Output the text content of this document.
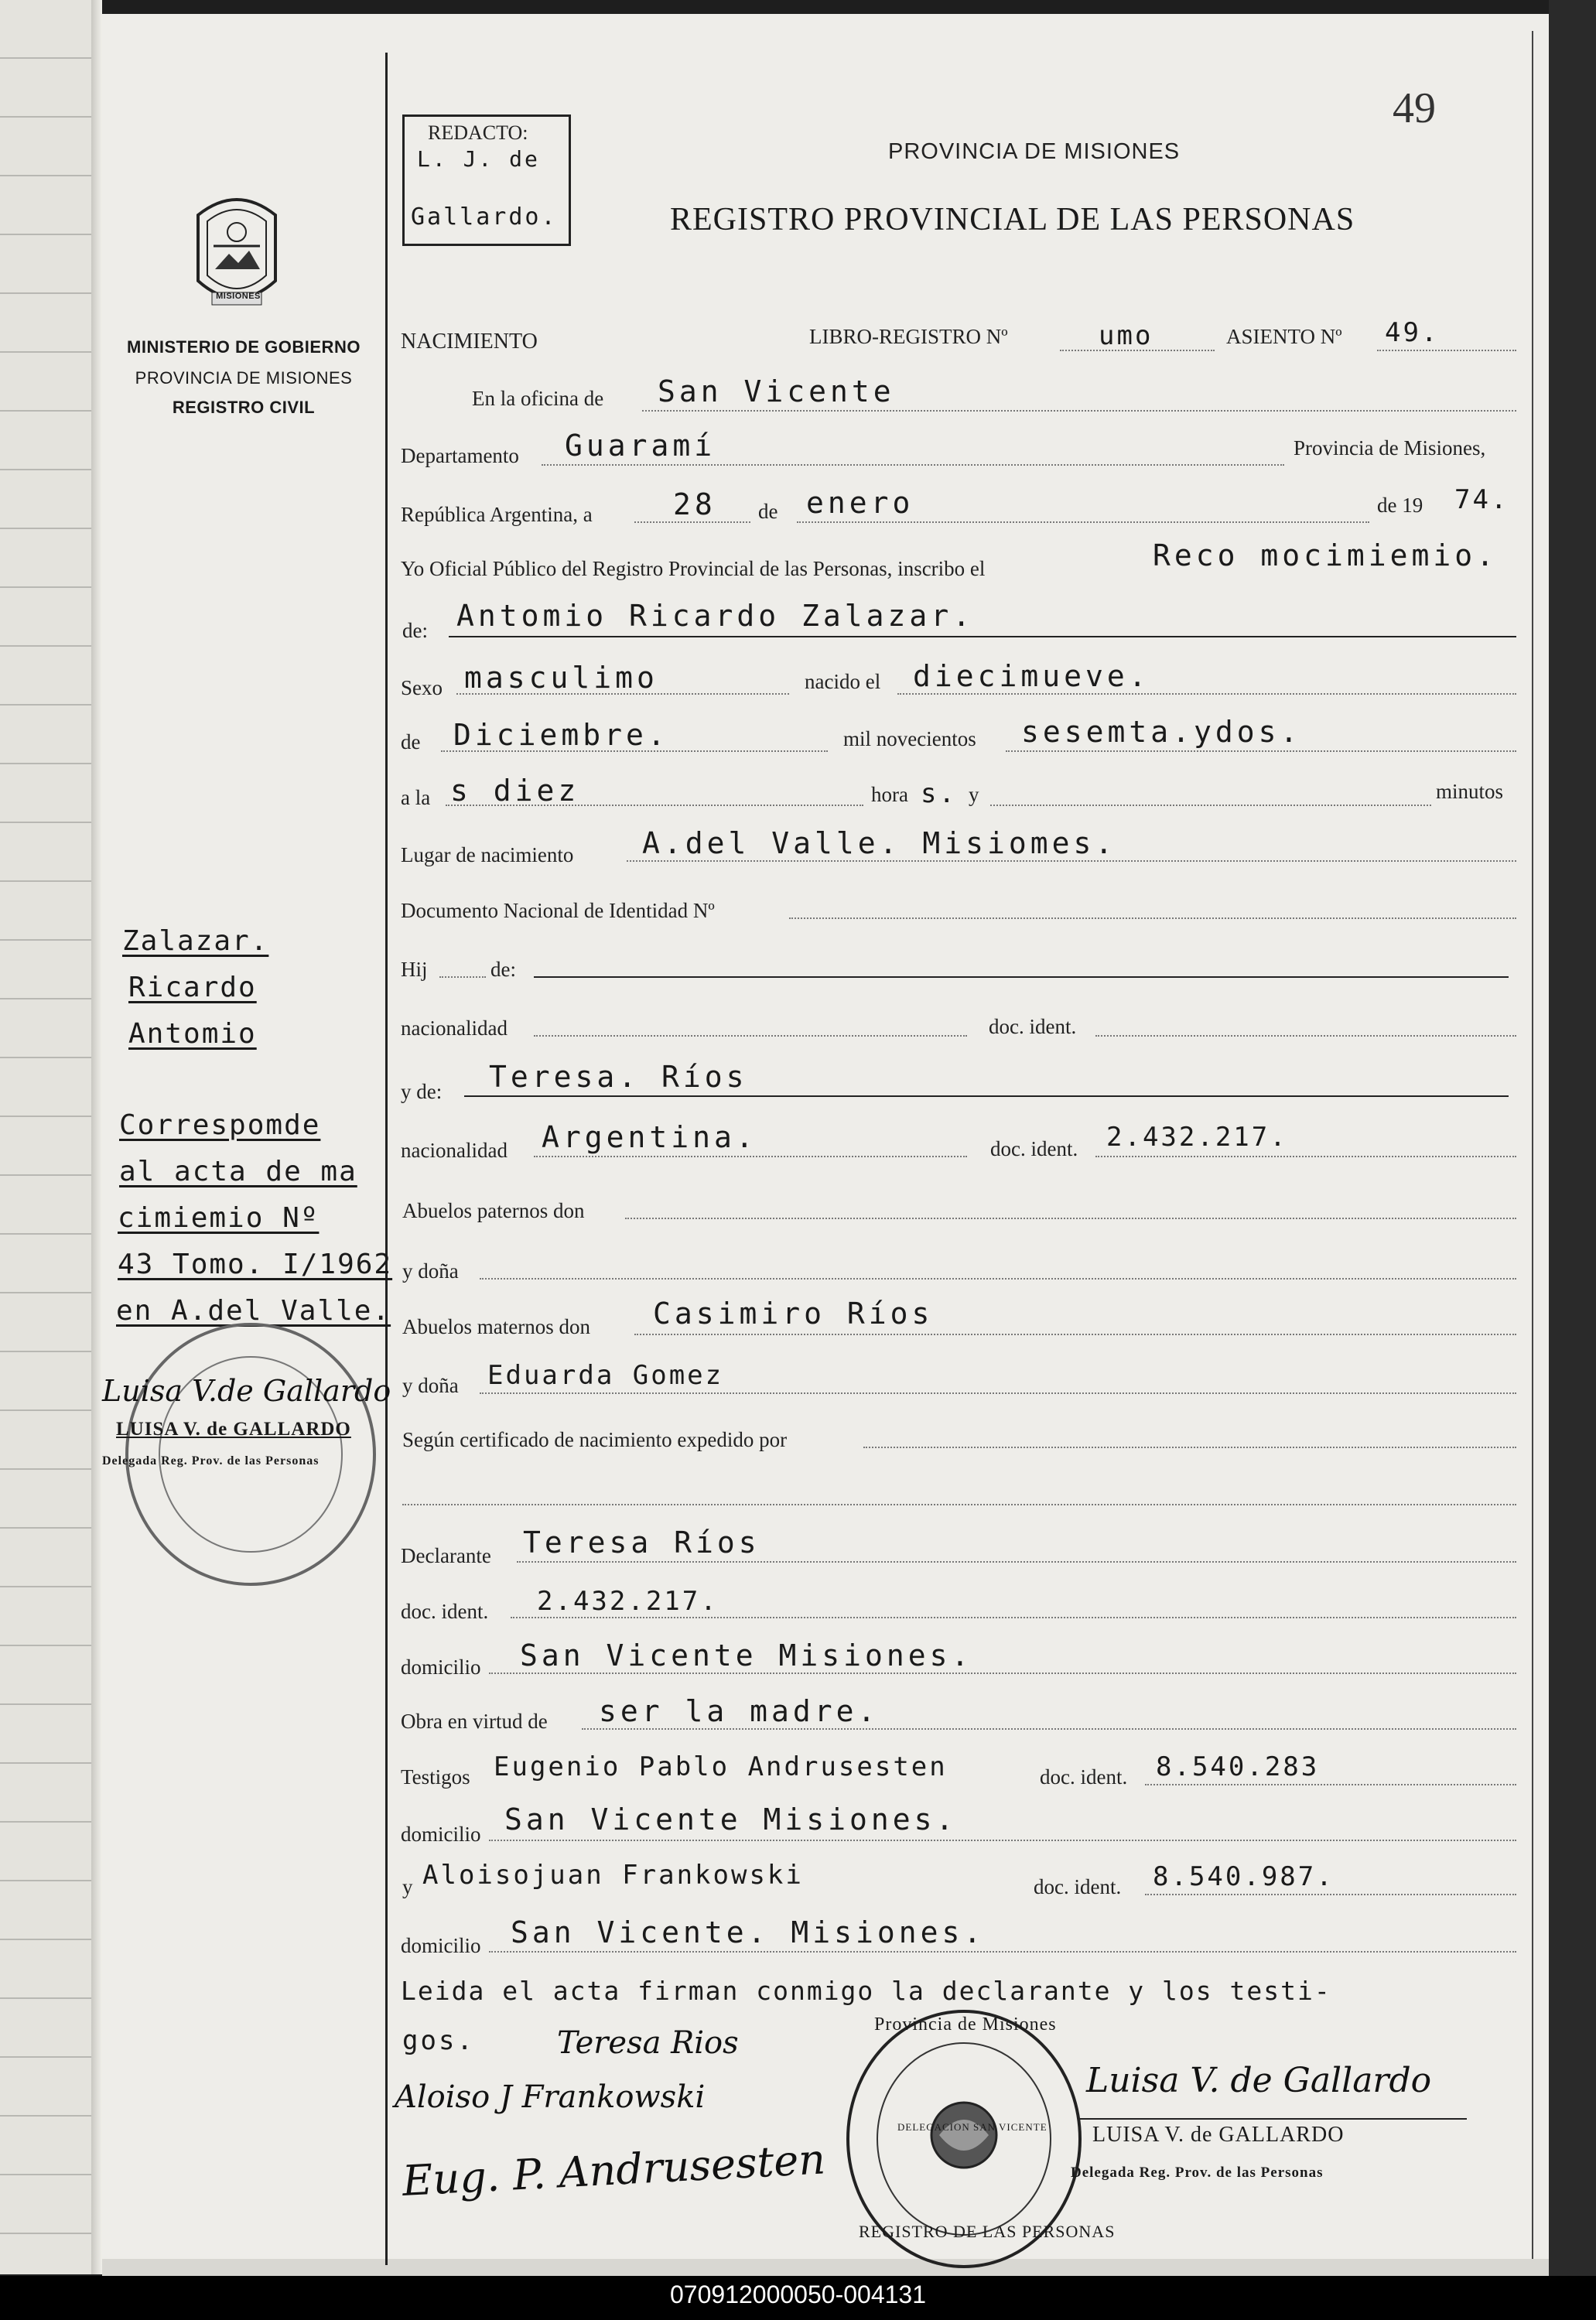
49
REDACTO:
L. J. de
Gallardo.
PROVINCIA DE MISIONES
REGISTRO PROVINCIAL DE LAS PERSONAS
MISIONES
MINISTERIO DE GOBIERNO
PROVINCIA DE MISIONES
REGISTRO CIVIL
Zalazar.
Ricardo
Antomio
Correspomde
al acta de ma
cimiemio Nº
43 Tomo. I/1962
en A.del Valle.
Luisa V.de Gallardo
LUISA V. de GALLARDO
Delegada Reg. Prov. de las Personas
NACIMIENTO	LIBRO-REGISTRO Nº	umo	ASIENTO Nº 49.
En la oficina de San Vicente
Departamento Guaramí	Provincia de Misiones,
República Argentina, a	28 de enero	de 19 74.
Yo Oficial Público del Registro Provincial de las Personas, inscribo el	Reco mocimiemio.
de: Antomio Ricardo Zalazar.
Sexo masculimo	nacido el diecimueve.
de Diciembre.	mil novecientos sesemta.ydos.
a la s diez	hora s. y	minutos
Lugar de nacimiento A.del Valle. Misiomes.
Documento Nacional de Identidad Nº
Hij	de:
nacionalidad	doc. ident.
y de: Teresa. Ríos
nacionalidad Argentina.	doc. ident. 2.432.217.
Abuelos paternos don
y doña
Abuelos maternos don Casimiro Ríos
y doña Eduarda Gomez
Según certificado de nacimiento expedido por
Declarante Teresa Ríos
doc. ident. 2.432.217.
domicilio San Vicente Misiones.
Obra en virtud de ser la madre.
Testigos Eugenio Pablo Andrusesten	doc. ident. 8.540.283
domicilio San Vicente Misiones.
y Aloisojuan Frankowski	doc. ident. 8.540.987.
domicilio San Vicente. Misiones.
Leida el acta firman conmigo la declarante y los testi-
gos.	Teresa Rios
Aloiso J Frankowski
Eug. P. Andrusesten
Provincia de Misiones
DELEGACION SAN VICENTE
REGISTRO DE LAS PERSONAS
Luisa V. de Gallardo
LUISA V. de GALLARDO
Delegada Reg. Prov. de las Personas
070912000050-004131
